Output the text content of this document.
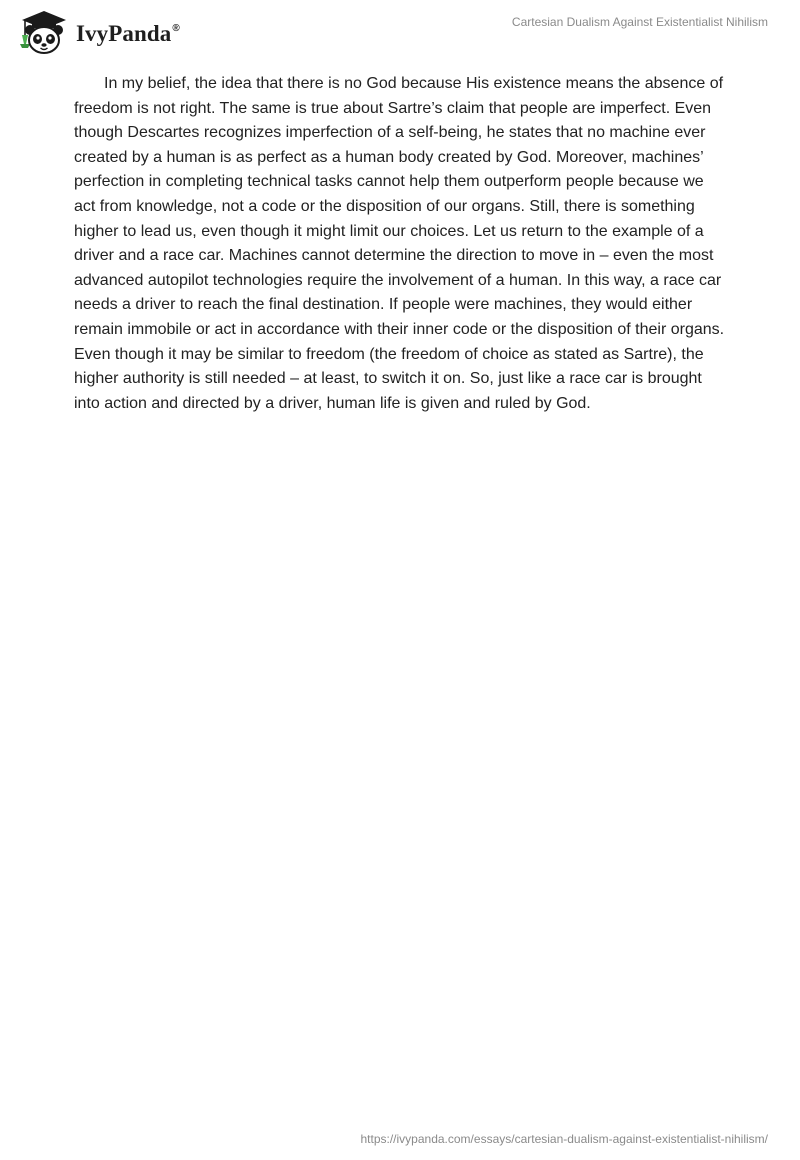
IvyPanda®	Cartesian Dualism Against Existentialist Nihilism

In my belief, the idea that there is no God because His existence means the absence of freedom is not right. The same is true about Sartre’s claim that people are imperfect. Even though Descartes recognizes imperfection of a self-being, he states that no machine ever created by a human is as perfect as a human body created by God. Moreover, machines’ perfection in completing technical tasks cannot help them outperform people because we act from knowledge, not a code or the disposition of our organs. Still, there is something higher to lead us, even though it might limit our choices. Let us return to the example of a driver and a race car. Machines cannot determine the direction to move in – even the most advanced autopilot technologies require the involvement of a human. In this way, a race car needs a driver to reach the final destination. If people were machines, they would either remain immobile or act in accordance with their inner code or the disposition of their organs. Even though it may be similar to freedom (the freedom of choice as stated as Sartre), the higher authority is still needed – at least, to switch it on. So, just like a race car is brought into action and directed by a driver, human life is given and ruled by God.

https://ivypanda.com/essays/cartesian-dualism-against-existentialist-nihilism/
